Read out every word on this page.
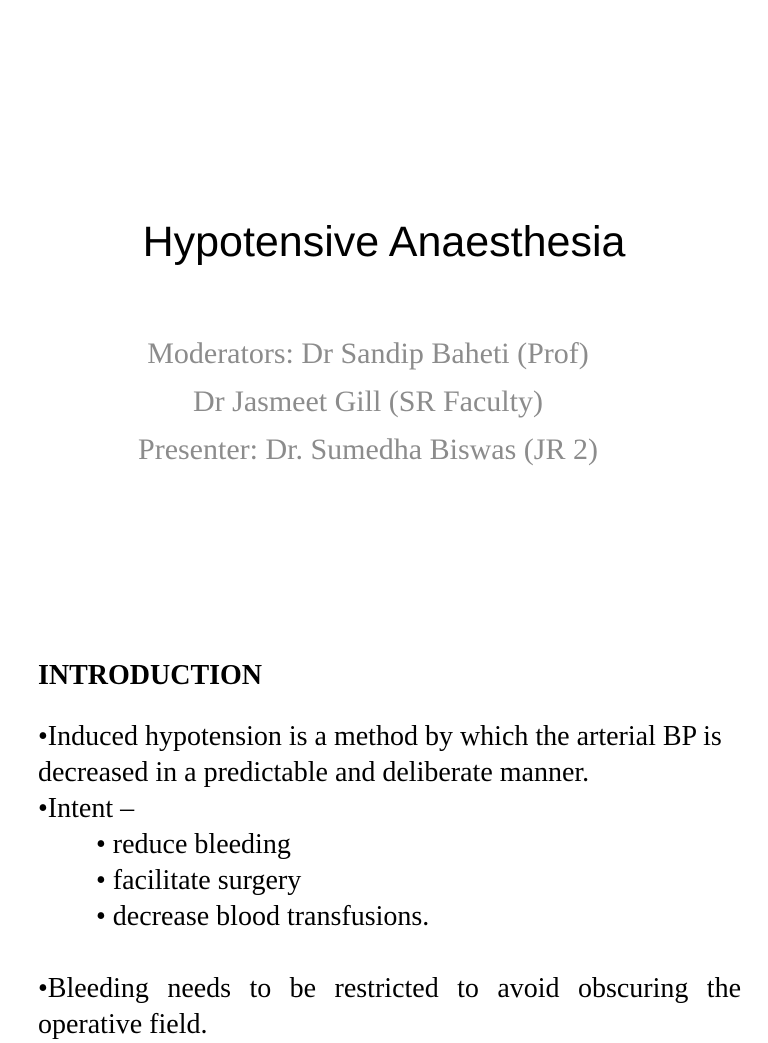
Hypotensive Anaesthesia
Moderators: Dr Sandip Baheti (Prof)
Dr Jasmeet Gill (SR Faculty)
Presenter: Dr. Sumedha Biswas (JR 2)
INTRODUCTION

•Induced hypotension is a method by which the arterial BP is decreased in a predictable and deliberate manner.

•Intent –

• reduce bleeding
• facilitate surgery
• decrease blood transfusions.

•Bleeding needs to be restricted to avoid obscuring the operative field.
